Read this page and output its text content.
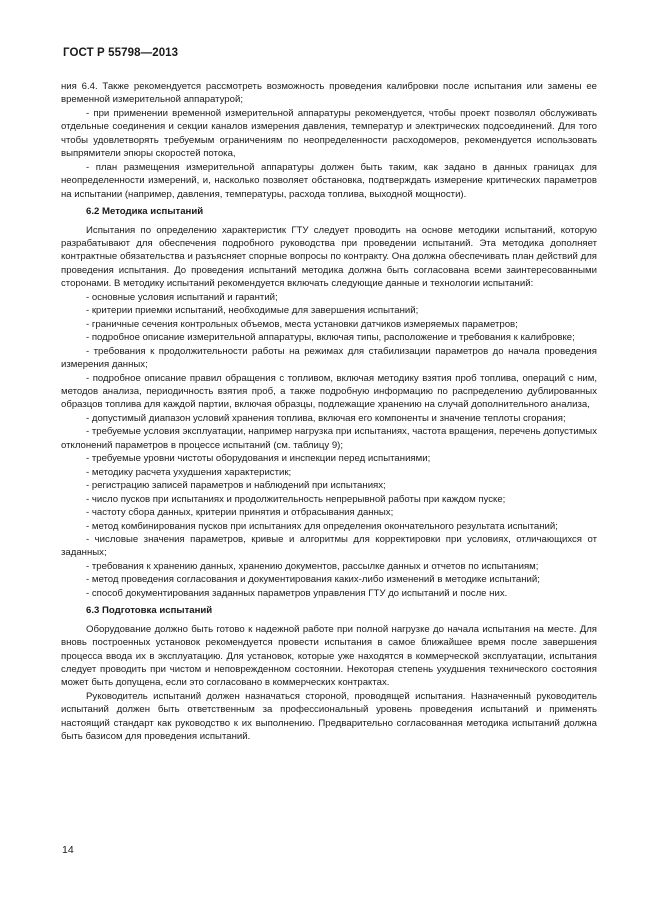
ГОСТ Р 55798—2013

ния 6.4. Также рекомендуется рассмотреть возможность проведения калибровки после испытания или замены ее временной измерительной аппаратурой;

- при применении временной измерительной аппаратуры рекомендуется, чтобы проект позволял обслуживать отдельные соединения и секции каналов измерения давления, температур и электрических подсоединений. Для того чтобы удовлетворять требуемым ограничениям по неопределенности расходомеров, рекомендуется использовать выпрямители эпюры скоростей потока,

- план размещения измерительной аппаратуры должен быть таким, как задано в данных границах для неопределенности измерений, и, насколько позволяет обстановка, подтверждать измерение критических параметров на испытании (например, давления, температуры, расхода топлива, выходной мощности).

6.2 Методика испытаний

Испытания по определению характеристик ГТУ следует проводить на основе методики испытаний, которую разрабатывают для обеспечения подробного руководства при проведении испытаний. Эта методика дополняет контрактные обязательства и разъясняет спорные вопросы по контракту. Она должна обеспечивать план действий для проведения испытания. До проведения испытаний методика должна быть согласована всеми заинтересованными сторонами. В методику испытаний рекомендуется включать следующие данные и технологии испытаний:

- основные условия испытаний и гарантий;

- критерии приемки испытаний, необходимые для завершения испытаний;

- граничные сечения контрольных объемов, места установки датчиков измеряемых параметров;

- подробное описание измерительной аппаратуры, включая типы, расположение и требования к калибровке;

- требования к продолжительности работы на режимах для стабилизации параметров до начала проведения измерения данных;

- подробное описание правил обращения с топливом, включая методику взятия проб топлива, операций с ним, методов анализа, периодичность взятия проб, а также подробную информацию по распределению дублированных образцов топлива для каждой партии, включая образцы, подлежащие хранению на случай дополнительного анализа,

- допустимый диапазон условий хранения топлива, включая его компоненты и значение теплоты сгорания;

- требуемые условия эксплуатации, например нагрузка при испытаниях, частота вращения, перечень допустимых отклонений параметров в процессе испытаний (см. таблицу 9);

- требуемые уровни чистоты оборудования и инспекции перед испытаниями;

- методику расчета ухудшения характеристик;

- регистрацию записей параметров и наблюдений при испытаниях;

- число пусков при испытаниях и продолжительность непрерывной работы при каждом пуске;

- частоту сбора данных, критерии принятия и отбрасывания данных;

- метод комбинирования пусков при испытаниях для определения окончательного результата испытаний;

- числовые значения параметров, кривые и алгоритмы для корректировки при условиях, отличающихся от заданных;

- требования к хранению данных, хранению документов, рассылке данных и отчетов по испытаниям;

- метод проведения согласования и документирования каких-либо изменений в методике испытаний;

- способ документирования заданных параметров управления ГТУ до испытаний и после них.

6.3 Подготовка испытаний

Оборудование должно быть готово к надежной работе при полной нагрузке до начала испытания на месте. Для вновь построенных установок рекомендуется провести испытания в самое ближайшее время после завершения процесса ввода их в эксплуатацию. Для установок, которые уже находятся в коммерческой эксплуатации, испытания следует проводить при чистом и неповрежденном состоянии. Некоторая степень ухудшения технического состояния может быть допущена, если это согласовано в коммерческих контрактах.

Руководитель испытаний должен назначаться стороной, проводящей испытания. Назначенный руководитель испытаний должен быть ответственным за профессиональный уровень проведения испытаний и применять настоящий стандарт как руководство к их выполнению. Предварительно согласованная методика испытаний должна быть базисом для проведения испытаний.

14
